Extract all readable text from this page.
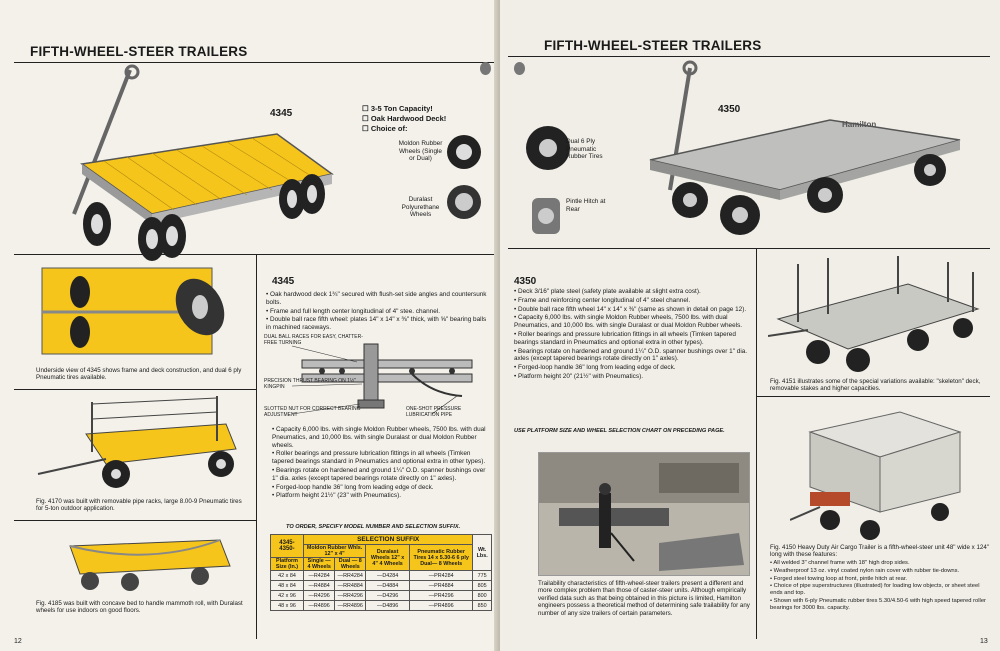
FIFTH-WHEEL-STEER TRAILERS
4345	☐ 3-5 Ton Capacity!
☐ Oak Hardwood Deck!
☐ Choice of:
Moldon Rubber Wheels (Single or Dual)
Duralast Polyurethane Wheels
Underside view of 4345 shows frame and deck construction, and dual 6 ply Pneumatic tires available.
Fig. 4170 was built with removable pipe racks, large 8.00-9 Pneumatic tires for 5-ton outdoor application.
Fig. 4185 was built with concave bed to handle mammoth roll, with Duralast wheels for use indoors on good floors.
4345
• Oak hardwood deck 1¾" secured with flush-set side angles and countersunk bolts.
• Frame and full length center longitudinal of 4" stee. channel.
• Double ball race fifth wheel: plates 14" x 14" x ⅜" thick, with ⅝" bearing balls in machined raceways.
DUAL BALL RACES FOR EASY, CHATTER-FREE TURNING
PRECISION THRUST BEARING ON 1½" KINGPIN
SLOTTED NUT FOR CORRECT BEARING ADJUSTMENT
ONE-SHOT PRESSURE LUBRICATION PIPE
• Capacity 6,000 lbs. with single Moldon Rubber wheels, 7500 lbs. with dual Pneumatics, and 10,000 lbs. with single Duralast or dual Moldon Rubber wheels.
• Roller bearings and pressure lubrication fittings in all wheels (Timken tapered bearings standard in Pneumatics and optional extra in other types).
• Bearings rotate on hardened and ground 1¼" O.D. spanner bushings over 1" dia. axles (except tapered bearings rotate directly on 1" axles).
• Forged-loop handle 36" long from leading edge of deck.
• Platform height 21½" (23" with Pneumatics).
TO ORDER, SPECIFY MODEL NUMBER AND SELECTION SUFFIX.
4345-
4350-	SELECTION SUFFIX				Wt. Lbs.
	Moldon Rubber Whls. 12" x 4"		Duralast Wheels 12" x 4" 4 Wheels	Pneumatic Rubber Tires 14 x 5.30-6 6 ply Dual— 8 Wheels	
Platform Size (In.)	Single — 4 Wheels	Dual — 8 Wheels			
42 x 84	—R4284	—RR4284	—D4284	—PR4284	775
48 x 84	—R4884	—RR4884	—D4884	—PR4884	805
42 x 96	—R4296	—RR4296	—D4296	—PR4296	800
48 x 96	—R4896	—RR4896	—D4896	—PR4896	850
12
FIFTH-WHEEL-STEER TRAILERS
Dual 6 Ply Pneumatic Rubber Tires
Pintle Hitch at Rear
Hamilton
4350
4350
• Deck 3/16" plate steel (safety plate available at slight extra cost).
• Frame and reinforcing center longitudinal of 4" steel channel.
• Double ball race fifth wheel 14" x 14" x ⅜" (same as shown in detail on page 12).
• Capacity 6,000 lbs. with single Moldon Rubber wheels, 7500 lbs. with dual Pneumatics, and 10,000 lbs. with single Duralast or dual Moldon Rubber wheels.
• Roller bearings and pressure lubrication fittings in all wheels (Timken tapered bearings standard in Pneumatics and optional extra in other types).
• Bearings rotate on hardened and ground 1¼" O.D. spanner bushings over 1" dia. axles (except tapered bearings rotate directly on 1" axles).
• Forged-loop handle 36" long from leading edge of deck.
• Platform height 20" (21½" with Pneumatics).
USE PLATFORM SIZE AND WHEEL SELECTION CHART ON PRECEDING PAGE.
Trailability characteristics of fifth-wheel-steer trailers present a different and more complex problem than those of caster-steer units. Although empirically verified data such as that being obtained in this picture is limited, Hamilton engineers possess a theoretical method of determining safe trailability for any number of any size trailers of certain parameters.
Fig. 4151 illustrates some of the special variations available: "skeleton" deck, removable stakes and higher capacities.
Fig. 4150 Heavy Duty Air Cargo Trailer is a fifth-wheel-steer unit 48" wide x 124" long with these features:
• All welded 3" channel frame with 18" high drop sides.
• Weatherproof 13 oz. vinyl coated nylon rain cover with rubber tie-downs.
• Forged steel towing loop at front, pintle hitch at rear.
• Choice of pipe superstructures (illustrated) for loading low objects, or sheet steel ends and top.
• Shown with 6-ply Pneumatic rubber tires 5.30/4.50-6 with high speed tapered roller bearings for 3000 lbs. capacity.
13
